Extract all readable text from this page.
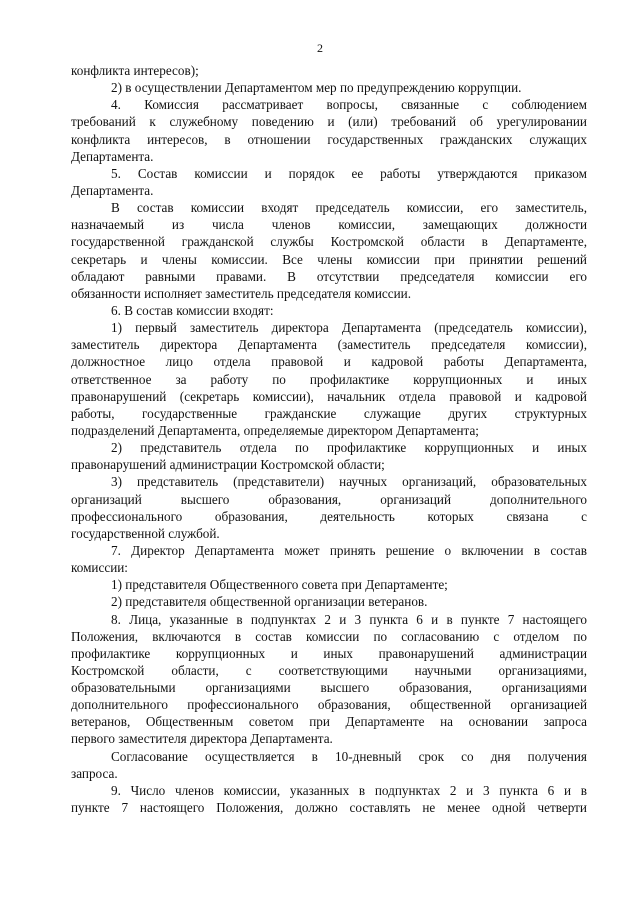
2
конфликта интересов);
2) в осуществлении Департаментом мер по предупреждению коррупции.
4. Комиссия рассматривает вопросы, связанные с соблюдением
требований к служебному поведению и (или) требований об урегулировании
конфликта интересов, в отношении государственных гражданских служащих
Департамента.
5. Состав комиссии и порядок ее работы утверждаются приказом
Департамента.
В состав комиссии входят председатель комиссии, его заместитель,
назначаемый из числа членов комиссии, замещающих должности
государственной гражданской службы Костромской области в Департаменте,
секретарь и члены комиссии. Все члены комиссии при принятии решений
обладают равными правами. В отсутствии председателя комиссии его
обязанности исполняет заместитель председателя комиссии.
6. В состав комиссии входят:
1) первый заместитель директора Департамента (председатель комиссии),
заместитель директора Департамента (заместитель председателя комиссии),
должностное лицо отдела правовой и кадровой работы Департамента,
ответственное за работу по профилактике коррупционных и иных
правонарушений (секретарь комиссии), начальник отдела правовой и кадровой
работы, государственные гражданские служащие других структурных
подразделений Департамента, определяемые директором Департамента;
2) представитель отдела по профилактике коррупционных и иных
правонарушений администрации Костромской области;
3) представитель (представители) научных организаций, образовательных
организаций высшего образования, организаций дополнительного
профессионального образования, деятельность которых связана с
государственной службой.
7. Директор Департамента может принять решение о включении в состав
комиссии:
1) представителя Общественного совета при Департаменте;
2) представителя общественной организации ветеранов.
8. Лица, указанные в подпунктах 2 и 3 пункта 6 и в пункте 7 настоящего
Положения, включаются в состав комиссии по согласованию с отделом по
профилактике коррупционных и иных правонарушений администрации
Костромской области, с соответствующими научными организациями,
образовательными организациями высшего образования, организациями
дополнительного профессионального образования, общественной организацией
ветеранов, Общественным советом при Департаменте на основании запроса
первого заместителя директора Департамента.
Согласование осуществляется в 10-дневный срок со дня получения
запроса.
9. Число членов комиссии, указанных в подпунктах 2 и 3 пункта 6 и в
пункте 7 настоящего Положения, должно составлять не менее одной четверти
